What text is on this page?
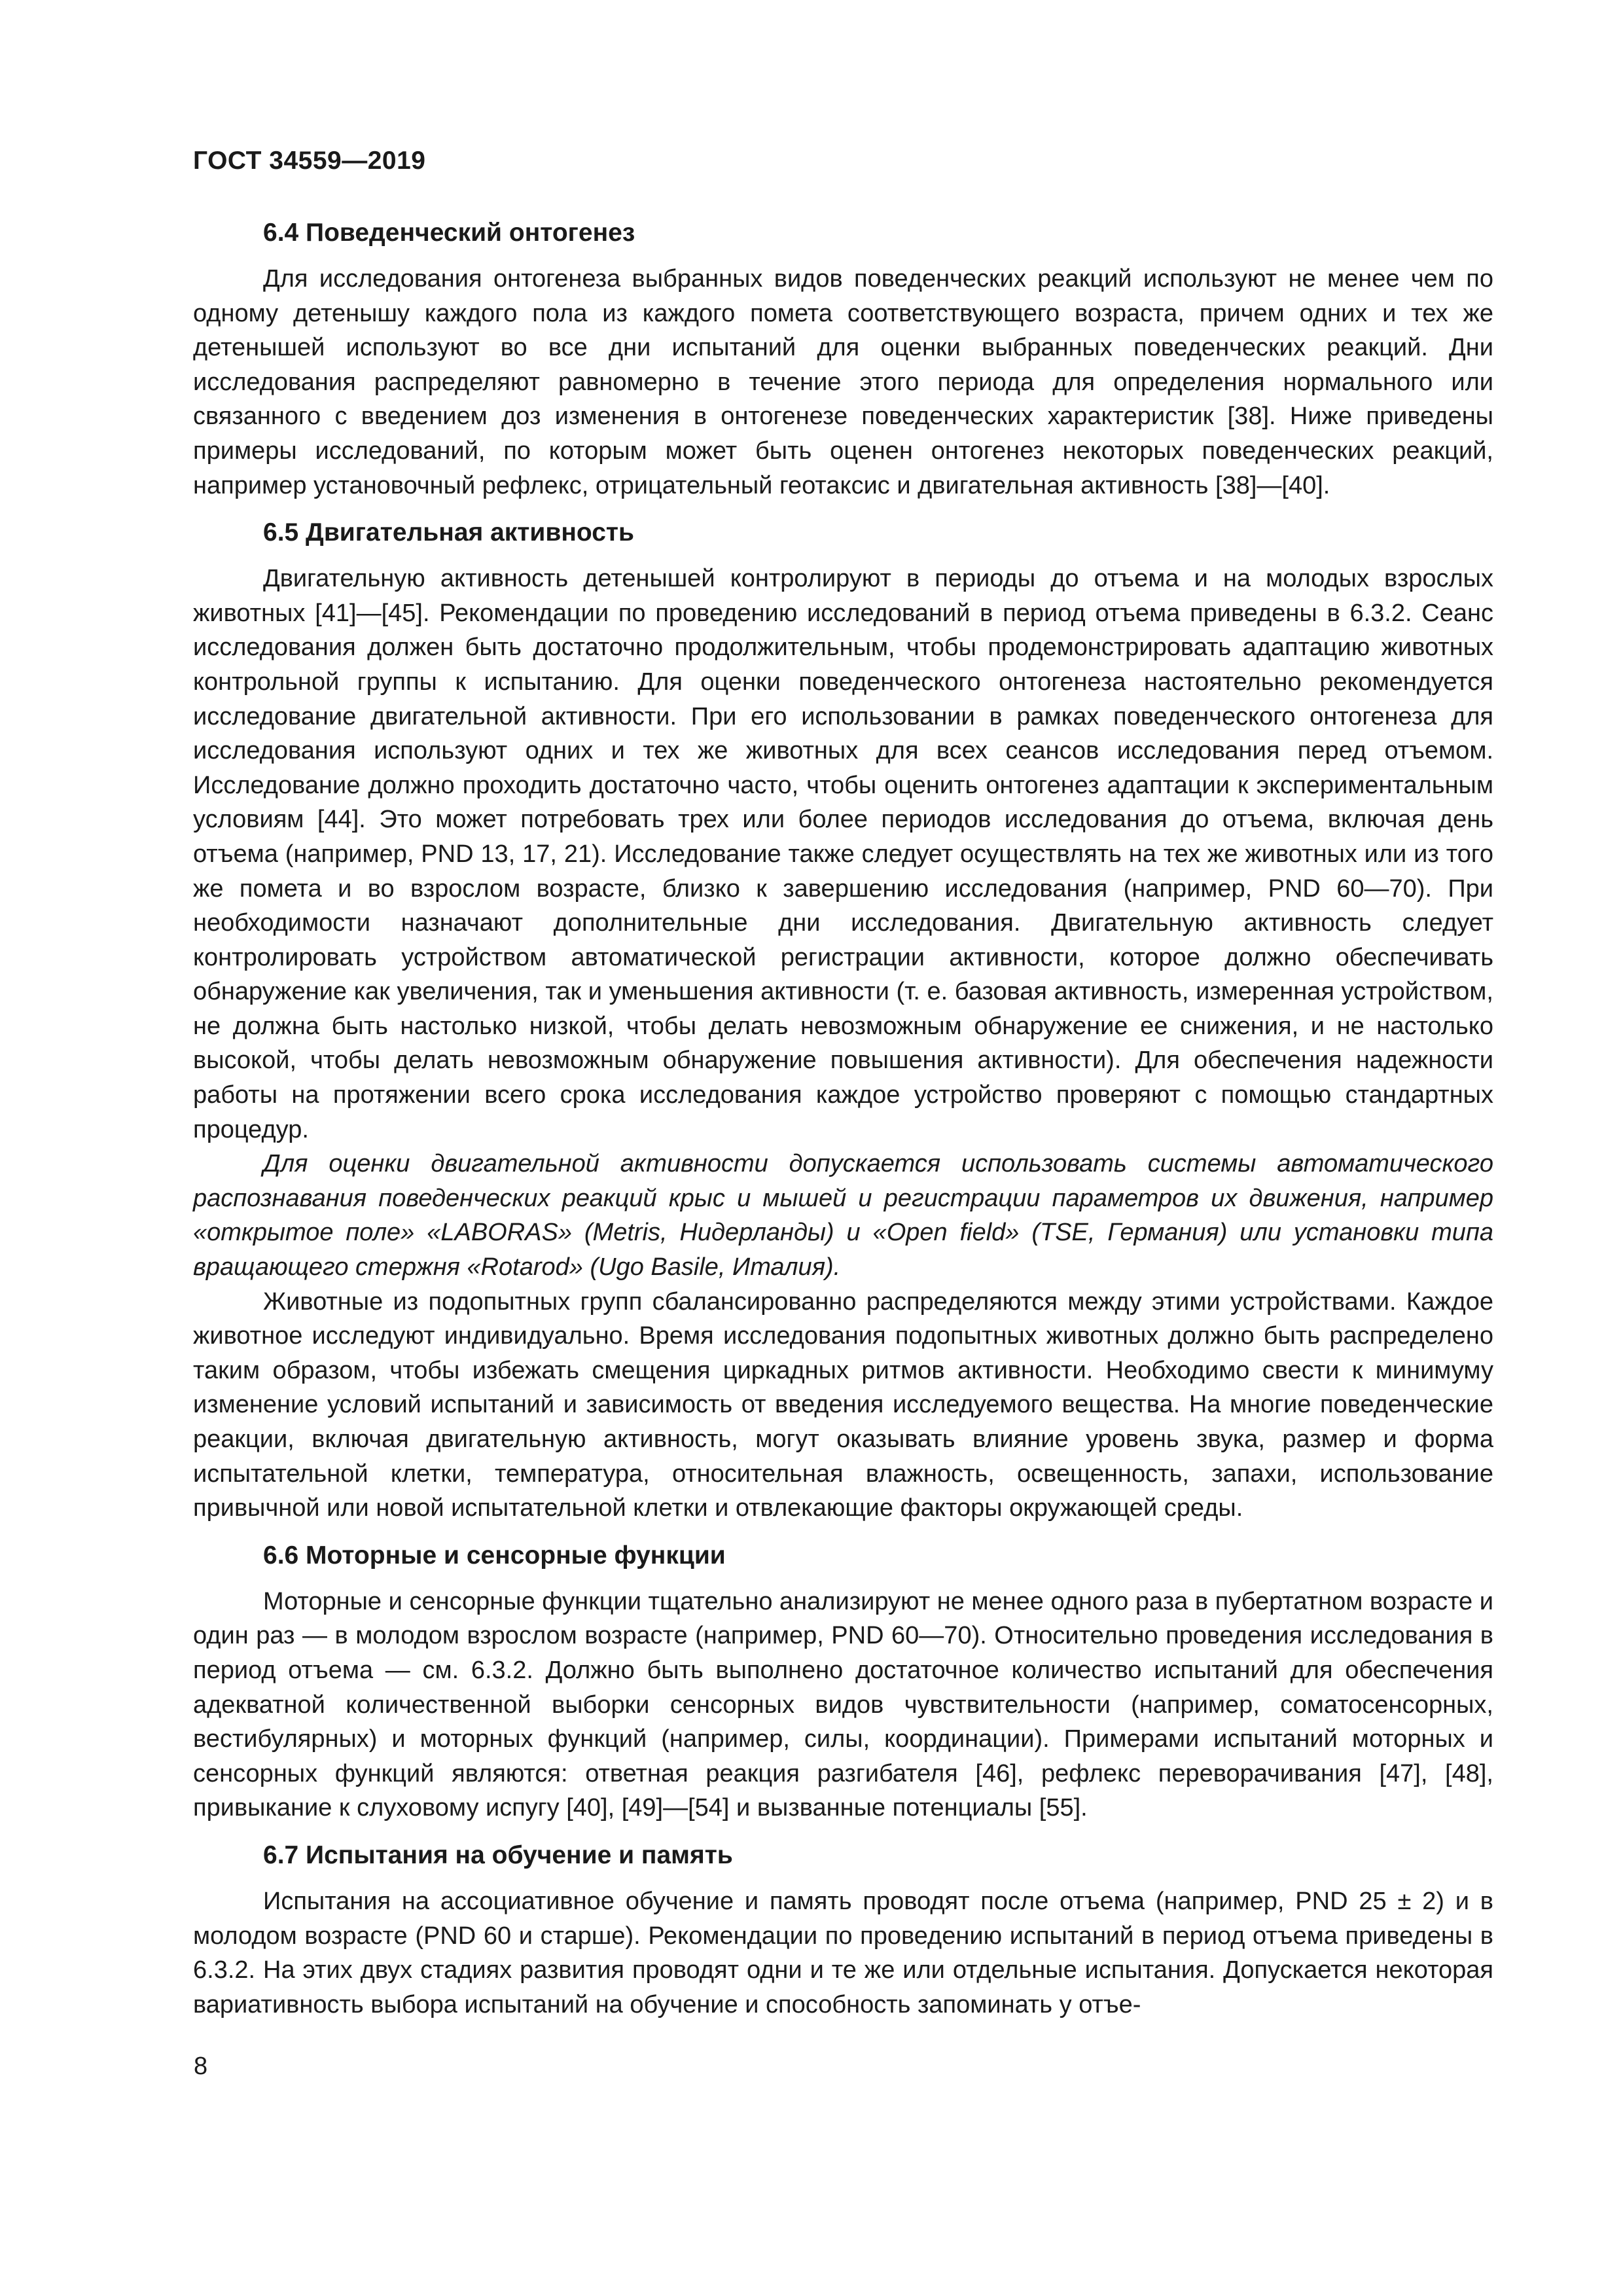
ГОСТ 34559—2019
6.4 Поведенческий онтогенез

Для исследования онтогенеза выбранных видов поведенческих реакций используют не менее чем по одному детенышу каждого пола из каждого помета соответствующего возраста, причем одних и тех же детенышей используют во все дни испытаний для оценки выбранных поведенческих реакций. Дни исследования распределяют равномерно в течение этого периода для определения нормального или связанного с введением доз изменения в онтогенезе поведенческих характеристик [38]. Ниже приведены примеры исследований, по которым может быть оценен онтогенез некоторых поведенческих реакций, например установочный рефлекс, отрицательный геотаксис и двигательная активность [38]—[40].

6.5 Двигательная активность

Двигательную активность детенышей контролируют в периоды до отъема и на молодых взрослых животных [41]—[45]. Рекомендации по проведению исследований в период отъема приведены в 6.3.2. Сеанс исследования должен быть достаточно продолжительным, чтобы продемонстрировать адаптацию животных контрольной группы к испытанию. Для оценки поведенческого онтогенеза настоятельно рекомендуется исследование двигательной активности. При его использовании в рамках поведенческого онтогенеза для исследования используют одних и тех же животных для всех сеансов исследования перед отъемом. Исследование должно проходить достаточно часто, чтобы оценить онтогенез адаптации к экспериментальным условиям [44]. Это может потребовать трех или более периодов исследования до отъема, включая день отъема (например, PND 13, 17, 21). Исследование также следует осуществлять на тех же животных или из того же помета и во взрослом возрасте, близко к завершению исследования (например, PND 60—70). При необходимости назначают дополнительные дни исследования. Двигательную активность следует контролировать устройством автоматической регистрации активности, которое должно обеспечивать обнаружение как увеличения, так и уменьшения активности (т. е. базовая активность, измеренная устройством, не должна быть настолько низкой, чтобы делать невозможным обнаружение ее снижения, и не настолько высокой, чтобы делать невозможным обнаружение повышения активности). Для обеспечения надежности работы на протяжении всего срока исследования каждое устройство проверяют с помощью стандартных процедур.

Для оценки двигательной активности допускается использовать системы автоматического распознавания поведенческих реакций крыс и мышей и регистрации параметров их движения, например «открытое поле» «LABORAS» (Metris, Нидерланды) и «Open field» (TSE, Германия) или установки типа вращающего стержня «Rotarod» (Ugo Basile, Италия).

Животные из подопытных групп сбалансированно распределяются между этими устройствами. Каждое животное исследуют индивидуально. Время исследования подопытных животных должно быть распределено таким образом, чтобы избежать смещения циркадных ритмов активности. Необходимо свести к минимуму изменение условий испытаний и зависимость от введения исследуемого вещества. На многие поведенческие реакции, включая двигательную активность, могут оказывать влияние уровень звука, размер и форма испытательной клетки, температура, относительная влажность, освещенность, запахи, использование привычной или новой испытательной клетки и отвлекающие факторы окружающей среды.

6.6 Моторные и сенсорные функции

Моторные и сенсорные функции тщательно анализируют не менее одного раза в пубертатном возрасте и один раз — в молодом взрослом возрасте (например, PND 60—70). Относительно проведения исследования в период отъема — см. 6.3.2. Должно быть выполнено достаточное количество испытаний для обеспечения адекватной количественной выборки сенсорных видов чувствительности (например, соматосенсорных, вестибулярных) и моторных функций (например, силы, координации). Примерами испытаний моторных и сенсорных функций являются: ответная реакция разгибателя [46], рефлекс переворачивания [47], [48], привыкание к слуховому испугу [40], [49]—[54] и вызванные потенциалы [55].

6.7 Испытания на обучение и память

Испытания на ассоциативное обучение и память проводят после отъема (например, PND 25 ± 2) и в молодом возрасте (PND 60 и старше). Рекомендации по проведению испытаний в период отъема приведены в 6.3.2. На этих двух стадиях развития проводят одни и те же или отдельные испытания. Допускается некоторая вариативность выбора испытаний на обучение и способность запоминать у отъе-

8
